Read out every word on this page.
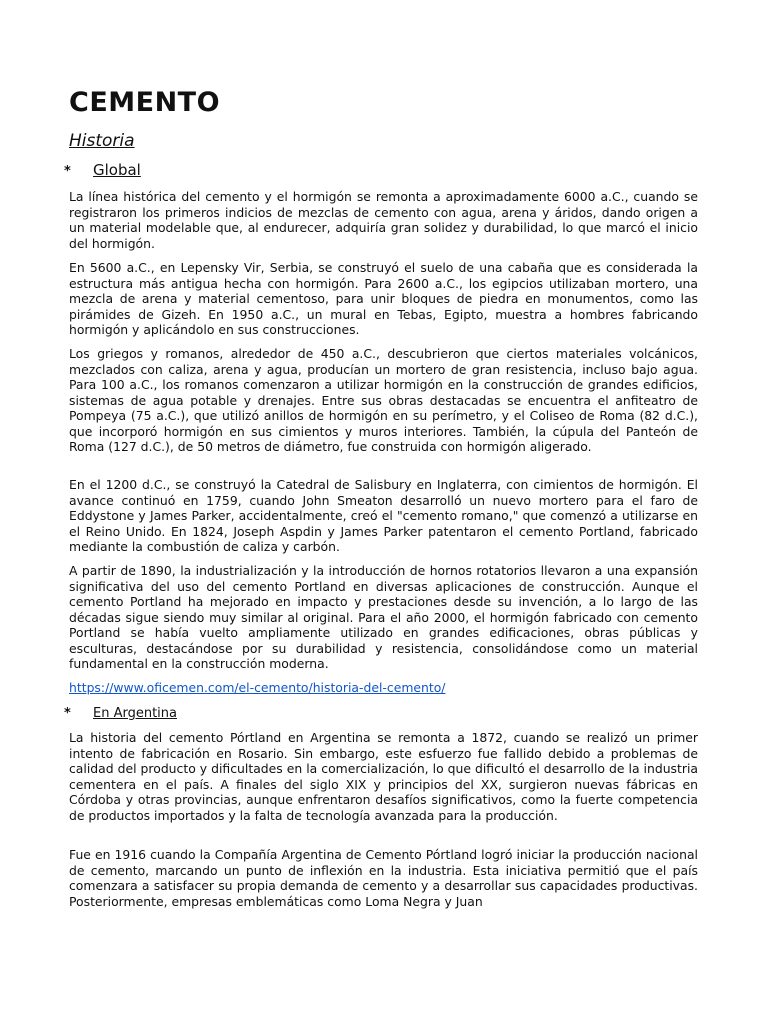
CEMENTO
Historia
*	Global

La línea histórica del cemento y el hormigón se remonta a aproximadamente 6000 a.C., cuando se registraron los primeros indicios de mezclas de cemento con agua, arena y áridos, dando origen a un material modelable que, al endurecer, adquiría gran solidez y durabilidad, lo que marcó el inicio del hormigón.

En 5600 a.C., en Lepensky Vir, Serbia, se construyó el suelo de una cabaña que es considerada la estructura más antigua hecha con hormigón. Para 2600 a.C., los egipcios utilizaban mortero, una mezcla de arena y material cementoso, para unir bloques de piedra en monumentos, como las pirámides de Gizeh. En 1950 a.C., un mural en Tebas, Egipto, muestra a hombres fabricando hormigón y aplicándolo en sus construcciones.

Los griegos y romanos, alrededor de 450 a.C., descubrieron que ciertos materiales volcánicos, mezclados con caliza, arena y agua, producían un mortero de gran resistencia, incluso bajo agua. Para 100 a.C., los romanos comenzaron a utilizar hormigón en la construcción de grandes edificios, sistemas de agua potable y drenajes. Entre sus obras destacadas se encuentra el anfiteatro de Pompeya (75 a.C.), que utilizó anillos de hormigón en su perímetro, y el Coliseo de Roma (82 d.C.), que incorporó hormigón en sus cimientos y muros interiores. También, la cúpula del Panteón de Roma (127 d.C.), de 50 metros de diámetro, fue construida con hormigón aligerado.

En el 1200 d.C., se construyó la Catedral de Salisbury en Inglaterra, con cimientos de hormigón. El avance continuó en 1759, cuando John Smeaton desarrolló un nuevo mortero para el faro de Eddystone y James Parker, accidentalmente, creó el "cemento romano," que comenzó a utilizarse en el Reino Unido. En 1824, Joseph Aspdin y James Parker patentaron el cemento Portland, fabricado mediante la combustión de caliza y carbón.

A partir de 1890, la industrialización y la introducción de hornos rotatorios llevaron a una expansión significativa del uso del cemento Portland en diversas aplicaciones de construcción. Aunque el cemento Portland ha mejorado en impacto y prestaciones desde su invención, a lo largo de las décadas sigue siendo muy similar al original. Para el año 2000, el hormigón fabricado con cemento Portland se había vuelto ampliamente utilizado en grandes edificaciones, obras públicas y esculturas, destacándose por su durabilidad y resistencia, consolidándose como un material fundamental en la construcción moderna.

https://www.oficemen.com/el-cemento/historia-del-cemento/
*	En Argentina

La historia del cemento Pórtland en Argentina se remonta a 1872, cuando se realizó un primer intento de fabricación en Rosario. Sin embargo, este esfuerzo fue fallido debido a problemas de calidad del producto y dificultades en la comercialización, lo que dificultó el desarrollo de la industria cementera en el país. A finales del siglo XIX y principios del XX, surgieron nuevas fábricas en Córdoba y otras provincias, aunque enfrentaron desafíos significativos, como la fuerte competencia de productos importados y la falta de tecnología avanzada para la producción.

Fue en 1916 cuando la Compañía Argentina de Cemento Pórtland logró iniciar la producción nacional de cemento, marcando un punto de inflexión en la industria. Esta iniciativa permitió que el país comenzara a satisfacer su propia demanda de cemento y a desarrollar sus capacidades productivas. Posteriormente, empresas emblemáticas como Loma Negra y Juan
